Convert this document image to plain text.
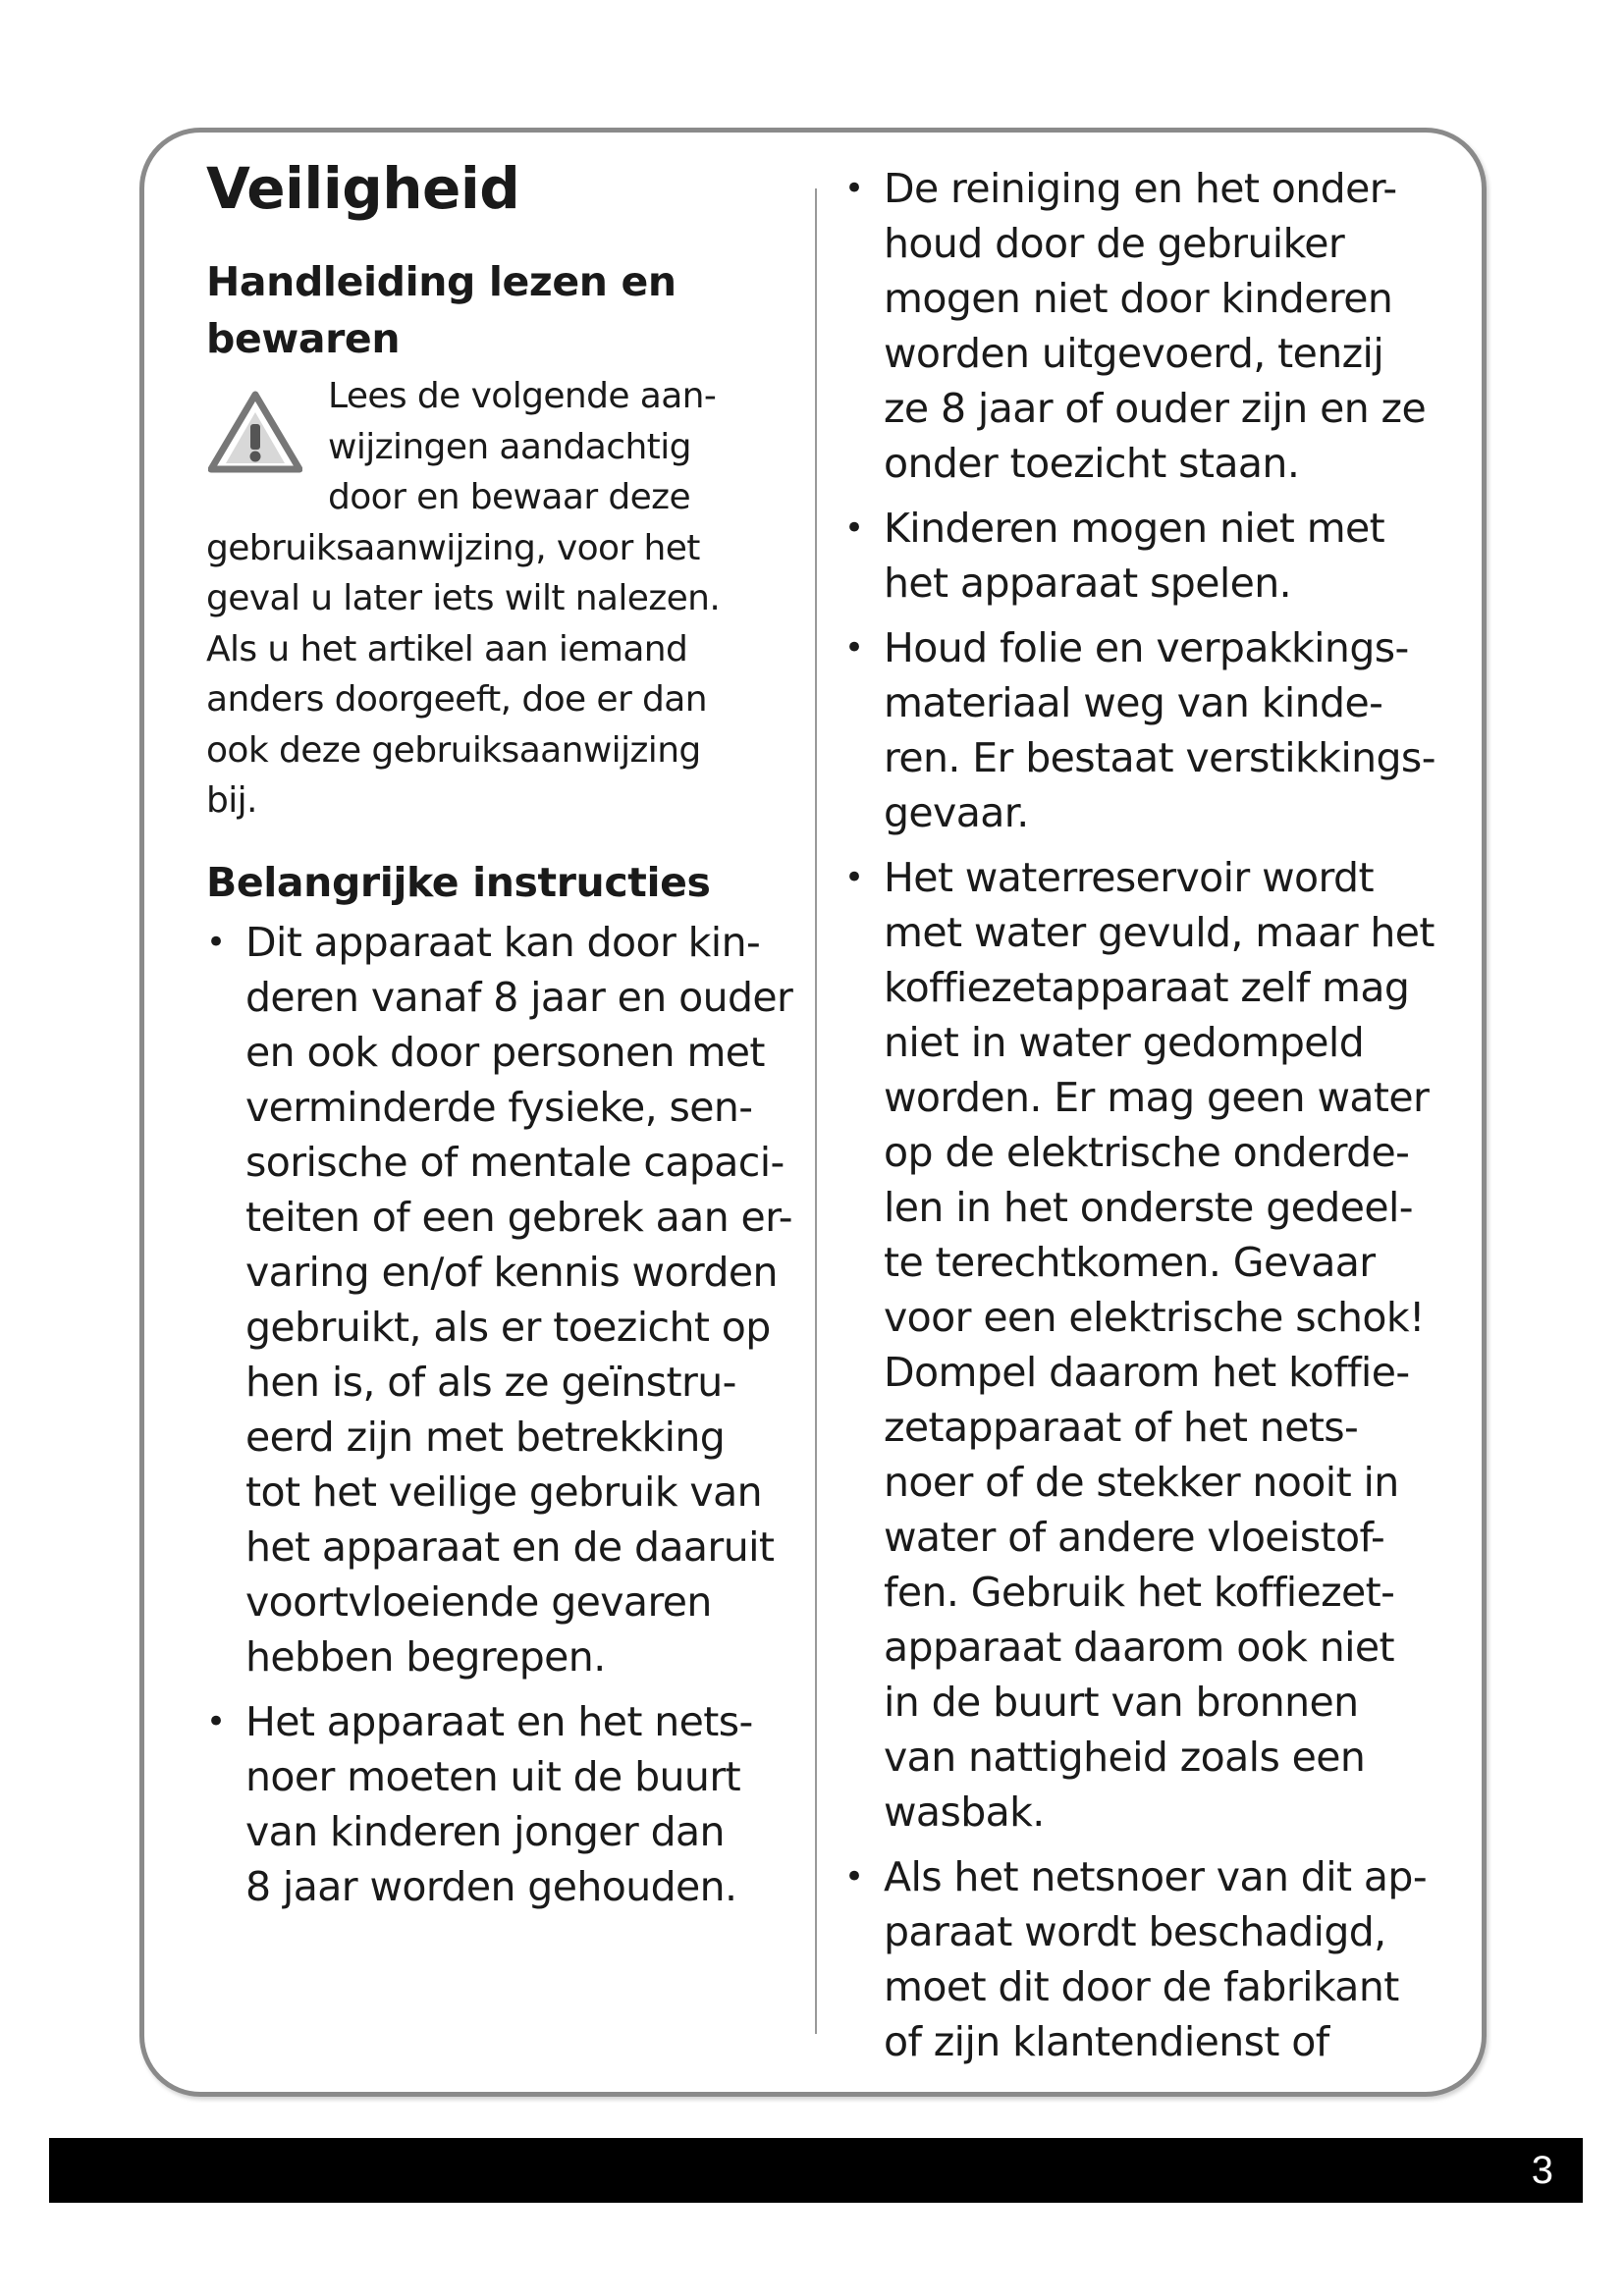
Veiligheid
Handleiding lezen en
bewaren

Lees de volgende aan-
wijzingen aandachtig
door en bewaar deze
gebruiksaanwijzing, voor het
geval u later iets wilt nalezen.
Als u het artikel aan iemand
anders doorgeeft, doe er dan
ook deze gebruiksaanwijzing
bij.

Belangrijke instructies
• Dit apparaat kan door kin-
deren vanaf 8 jaar en ouder
en ook door personen met
verminderde fysieke, sen-
sorische of mentale capaci-
teiten of een gebrek aan er-
varing en/of kennis worden
gebruikt, als er toezicht op
hen is, of als ze geïnstru-
eerd zijn met betrekking
tot het veilige gebruik van
het apparaat en de daaruit
voortvloeiende gevaren
hebben begrepen.
• Het apparaat en het nets-
noer moeten uit de buurt
van kinderen jonger dan
8 jaar worden gehouden.
• De reiniging en het onder-
houd door de gebruiker
mogen niet door kinderen
worden uitgevoerd, tenzij
ze 8 jaar of ouder zijn en ze
onder toezicht staan.
• Kinderen mogen niet met
het apparaat spelen.
• Houd folie en verpakkings-
materiaal weg van kinde-
ren. Er bestaat verstikkings-
gevaar.
• Het waterreservoir wordt
met water gevuld, maar het
koffiezetapparaat zelf mag
niet in water gedompeld
worden. Er mag geen water
op de elektrische onderde-
len in het onderste gedeel-
te terechtkomen. Gevaar
voor een elektrische schok!
Dompel daarom het koffie-
zetapparaat of het nets-
noer of de stekker nooit in
water of andere vloeistof-
fen. Gebruik het koffiezet-
apparaat daarom ook niet
in de buurt van bronnen
van nattigheid zoals een
wasbak.
• Als het netsnoer van dit ap-
paraat wordt beschadigd,
moet dit door de fabrikant
of zijn klantendienst of
3
